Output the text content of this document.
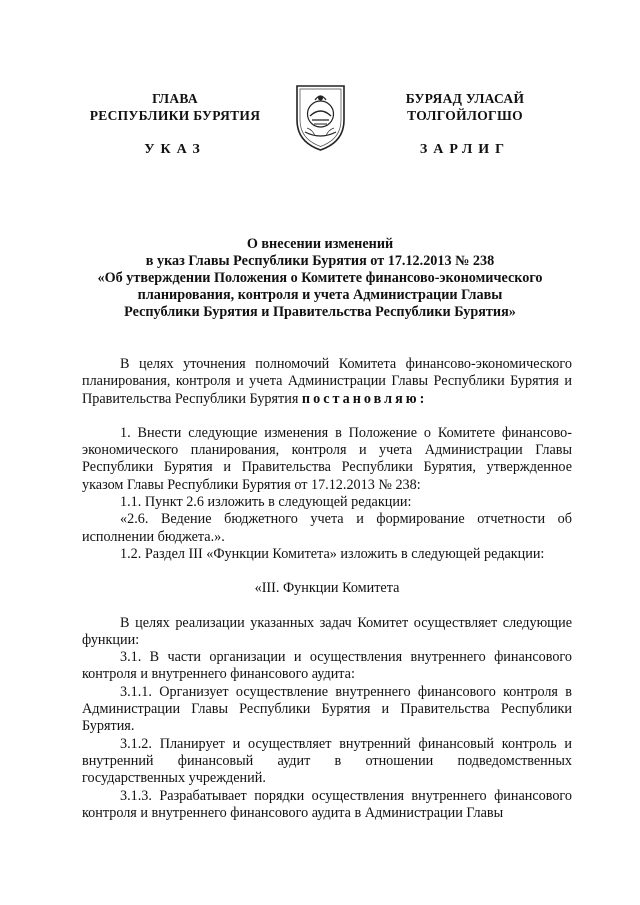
ГЛАВА
РЕСПУБЛИКИ БУРЯТИЯ
БУРЯАД УЛАСАЙ
ТОЛГОЙЛОГШО
УКАЗ	ЗАРЛИГ
О внесении изменений
в указ Главы Республики Бурятия от 17.12.2013 № 238
«Об утверждении Положения о Комитете финансово-экономического
планирования, контроля и учета Администрации Главы
Республики Бурятия и Правительства Республики Бурятия»

В целях уточнения полномочий Комитета финансово-экономического планирования, контроля и учета Администрации Главы Республики Бурятия и Правительства Республики Бурятия постановляю:

1. Внести следующие изменения в Положение о Комитете финансово-экономического планирования, контроля и учета Администрации Главы Республики Бурятия и Правительства Республики Бурятия, утвержденное указом Главы Республики Бурятия от 17.12.2013 № 238:

1.1. Пункт 2.6 изложить в следующей редакции:

«2.6. Ведение бюджетного учета и формирование отчетности об исполнении бюджета.».

1.2. Раздел III «Функции Комитета» изложить в следующей редакции:

«III. Функции Комитета

В целях реализации указанных задач Комитет осуществляет следующие функции:

3.1. В части организации и осуществления внутреннего финансового контроля и внутреннего финансового аудита:

3.1.1. Организует осуществление внутреннего финансового контроля в Администрации Главы Республики Бурятия и Правительства Республики Бурятия.

3.1.2. Планирует и осуществляет внутренний финансовый контроль и внутренний финансовый аудит в отношении подведомственных государственных учреждений.

3.1.3. Разрабатывает порядки осуществления внутреннего финансового контроля и внутреннего финансового аудита в Администрации Главы
